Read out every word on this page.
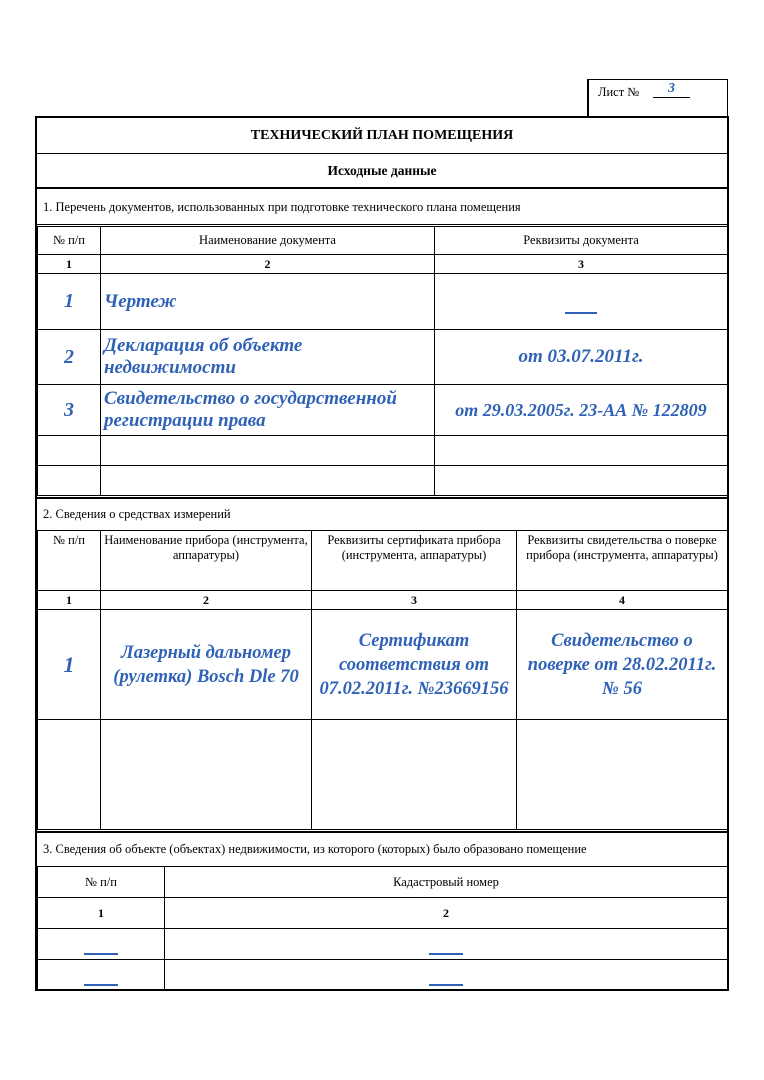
Лист №	3
ТЕХНИЧЕСКИЙ ПЛАН ПОМЕЩЕНИЯ
Исходные данные
1. Перечень документов, использованных при подготовке технического плана помещения
№ п/п	Наименование документа	Реквизиты документа
1	2	3
1	Чертеж	
2	Декларация об объекте недвижимости	от 03.07.2011г.
3	Свидетельство о государственной регистрации права	от 29.03.2005г. 23-АА № 122809

2. Сведения о средствах измерений
№ п/п	Наименование прибора (инструмента, аппаратуры)	Реквизиты сертификата прибора (инструмента, аппаратуры)	Реквизиты свидетельства о поверке прибора (инструмента, аппаратуры)
1	2	3	4
1	Лазерный дальномер (рулетка) Bosch Dle 70	Сертификат соответствия от 07.02.2011г. №23669156	Свидетельство о поверке от 28.02.2011г. № 56

3. Сведения об объекте (объектах) недвижимости, из которого (которых) было образовано помещение
№ п/п	Кадастровый номер
1	2
